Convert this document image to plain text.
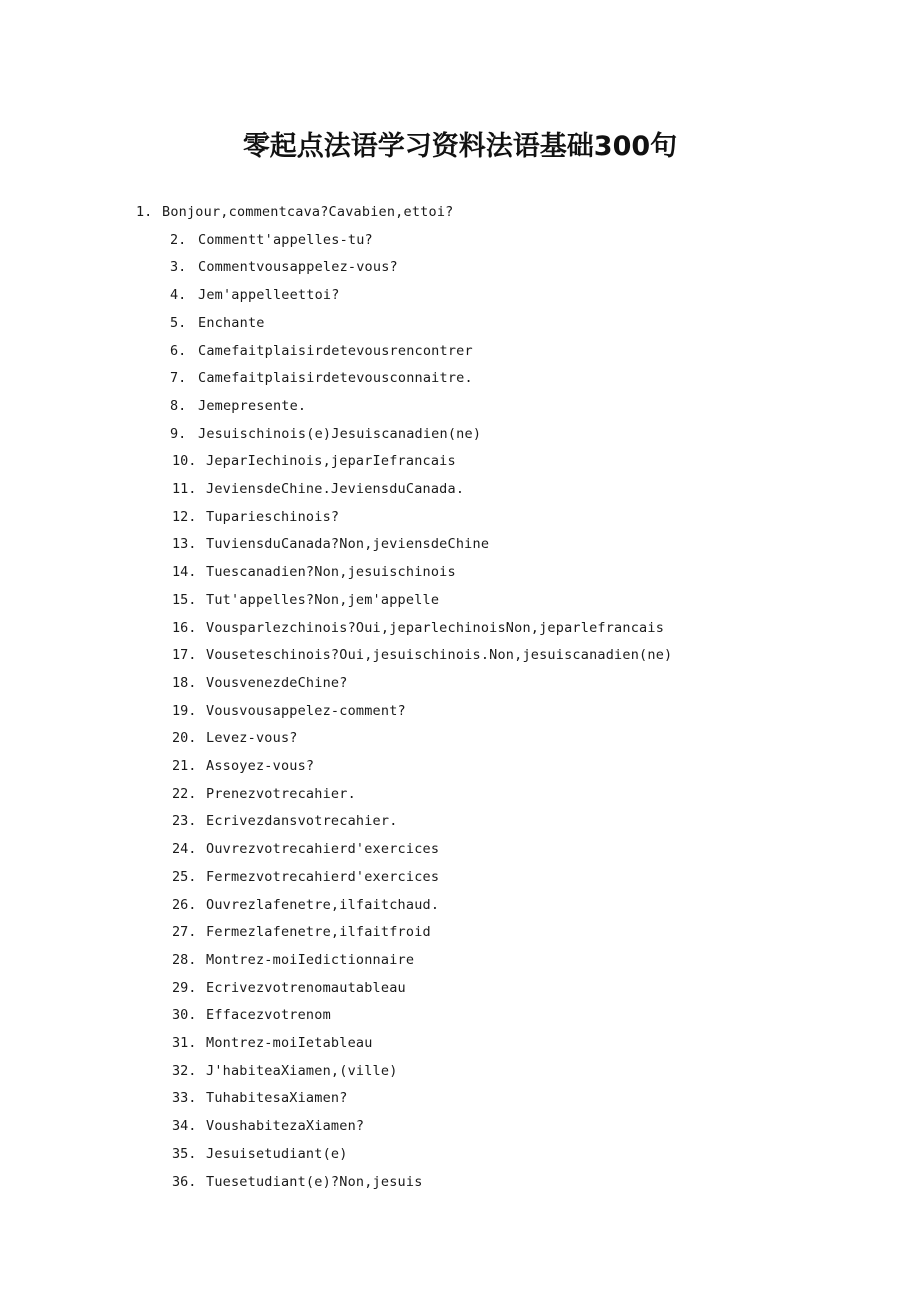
零起点法语学习资料法语基础300句
1. Bonjour,commentcava?Cavabien,ettoi?
2. Commentt'appelles-tu?
3. Commentvousappelez-vous?
4. Jem'appelleettoi?
5. Enchante
6. Camefaitplaisirdetevousrencontrer
7. Camefaitplaisirdetevousconnaitre.
8. Jemepresente.
9. Jesuischinois(e)Jesuiscanadien(ne)
10. JeparIechinois,jeparIefrancais
11. JeviensdeChine.JeviensduCanada.
12. Tuparieschinois?
13. TuviensduCanada?Non,jeviensdeChine
14. Tuescanadien?Non,jesuischinois
15. Tut'appelles?Non,jem'appelle
16. Vousparlezchinois?Oui,jeparlechinoisNon,jeparlefrancais
17. Vouseteschinois?Oui,jesuischinois.Non,jesuiscanadien(ne)
18. VousvenezdeChine?
19. Vousvousappelez-comment?
20. Levez-vous?
21. Assoyez-vous?
22. Prenezvotrecahier.
23. Ecrivezdansvotrecahier.
24. Ouvrezvotrecahierd'exercices
25. Fermezvotrecahierd'exercices
26. Ouvrezlafenetre,ilfaitchaud.
27. Fermezlafenetre,ilfaitfroid
28. Montrez-moiIedictionnaire
29. Ecrivezvotrenomautableau
30. Effacezvotrenom
31. Montrez-moiIetableau
32. J'habiteaXiamen,(ville)
33. TuhabitesaXiamen?
34. VoushabitezaXiamen?
35. Jesuisetudiant(e)
36. Tuesetudiant(e)?Non,jesuis
